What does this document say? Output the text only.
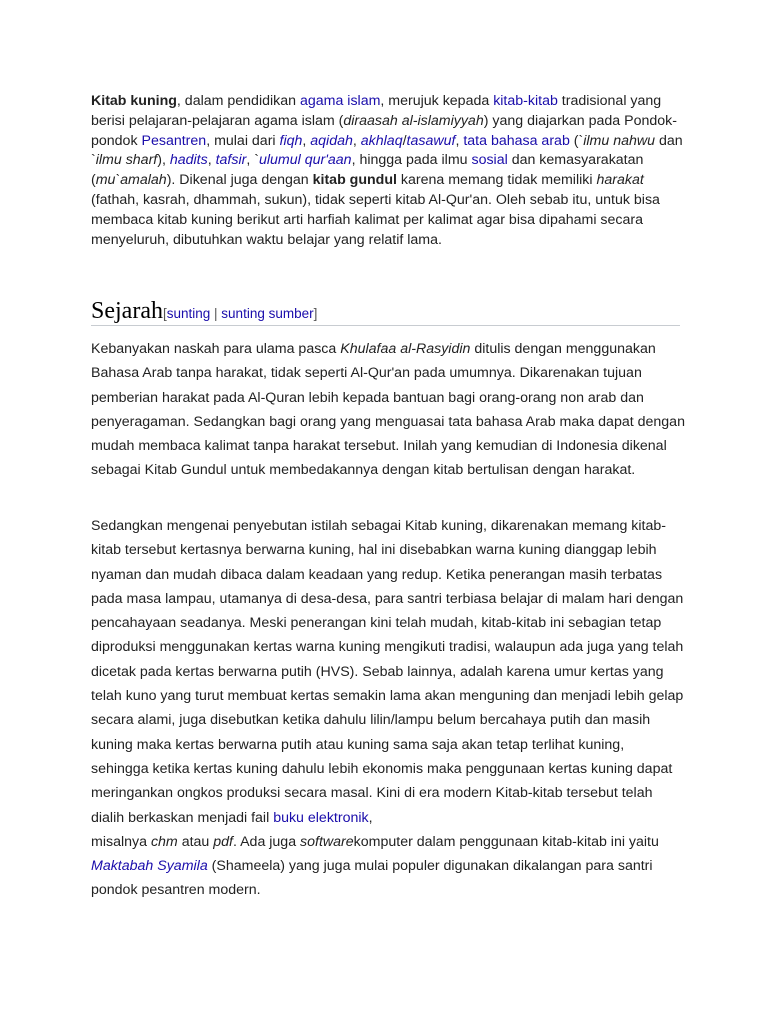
Kitab kuning, dalam pendidikan agama islam, merujuk kepada kitab-kitab tradisional yang berisi pelajaran-pelajaran agama islam (diraasah al-islamiyyah) yang diajarkan pada Pondok-pondok Pesantren, mulai dari fiqh, aqidah, akhlaq/tasawuf, tata bahasa arab (`ilmu nahwu dan `ilmu sharf), hadits, tafsir, `ulumul qur'aan, hingga pada ilmu sosial dan kemasyarakatan (mu`amalah). Dikenal juga dengan kitab gundul karena memang tidak memiliki harakat (fathah, kasrah, dhammah, sukun), tidak seperti kitab Al-Qur'an. Oleh sebab itu, untuk bisa membaca kitab kuning berikut arti harfiah kalimat per kalimat agar bisa dipahami secara menyeluruh, dibutuhkan waktu belajar yang relatif lama.

Sejarah[sunting | sunting sumber]

Kebanyakan naskah para ulama pasca Khulafaa al-Rasyidin ditulis dengan menggunakan Bahasa Arab tanpa harakat, tidak seperti Al-Qur'an pada umumnya. Dikarenakan tujuan pemberian harakat pada Al-Quran lebih kepada bantuan bagi orang-orang non arab dan penyeragaman. Sedangkan bagi orang yang menguasai tata bahasa Arab maka dapat dengan mudah membaca kalimat tanpa harakat tersebut. Inilah yang kemudian di Indonesia dikenal sebagai Kitab Gundul untuk membedakannya dengan kitab bertulisan dengan harakat.

Sedangkan mengenai penyebutan istilah sebagai Kitab kuning, dikarenakan memang kitab-kitab tersebut kertasnya berwarna kuning, hal ini disebabkan warna kuning dianggap lebih nyaman dan mudah dibaca dalam keadaan yang redup. Ketika penerangan masih terbatas pada masa lampau, utamanya di desa-desa, para santri terbiasa belajar di malam hari dengan pencahayaan seadanya. Meski penerangan kini telah mudah, kitab-kitab ini sebagian tetap diproduksi menggunakan kertas warna kuning mengikuti tradisi, walaupun ada juga yang telah dicetak pada kertas berwarna putih (HVS). Sebab lainnya, adalah karena umur kertas yang telah kuno yang turut membuat kertas semakin lama akan menguning dan menjadi lebih gelap secara alami, juga disebutkan ketika dahulu lilin/lampu belum bercahaya putih dan masih kuning maka kertas berwarna putih atau kuning sama saja akan tetap terlihat kuning, sehingga ketika kertas kuning dahulu lebih ekonomis maka penggunaan kertas kuning dapat meringankan ongkos produksi secara masal. Kini di era modern Kitab-kitab tersebut telah dialih berkaskan menjadi fail buku elektronik,
misalnya chm atau pdf. Ada juga softwarekomputer dalam penggunaan kitab-kitab ini yaitu Maktabah Syamila (Shameela) yang juga mulai populer digunakan dikalangan para santri pondok pesantren modern.
